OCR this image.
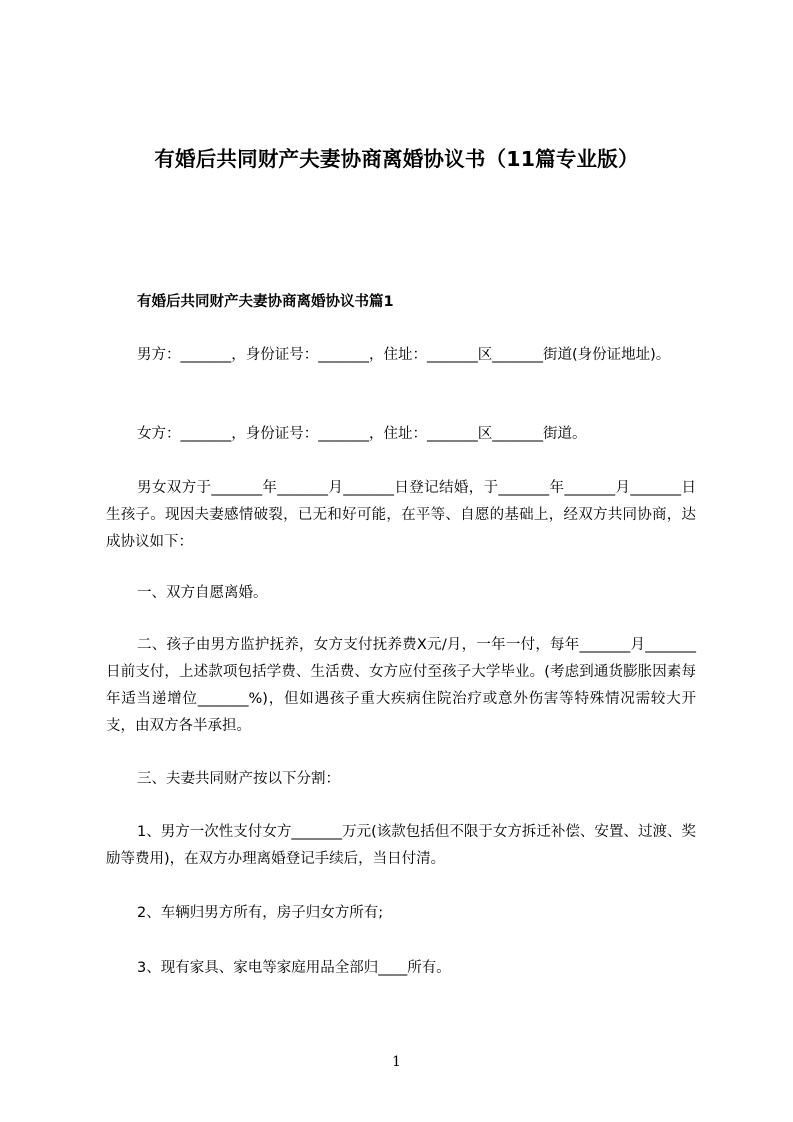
有婚后共同财产夫妻协商离婚协议书（11篇专业版）
有婚后共同财产夫妻协商离婚协议书篇1
男方：_______，身份证号：_______，住址：_______区_______街道(身份证地址)。
女方：_______，身份证号：_______，住址：_______区_______街道。
男女双方于_______年_______月_______日登记结婚，于_______年_______月_______日生孩子。现因夫妻感情破裂，已无和好可能，在平等、自愿的基础上，经双方共同协商，达成协议如下：
一、双方自愿离婚。
二、孩子由男方监护抚养，女方支付抚养费X元/月，一年一付，每年_______月_______日前支付，上述款项包括学费、生活费、女方应付至孩子大学毕业。(考虑到通货膨胀因素每年适当递增位_______%)，但如遇孩子重大疾病住院治疗或意外伤害等特殊情况需较大开支，由双方各半承担。
三、夫妻共同财产按以下分割：
1、男方一次性支付女方_______万元(该款包括但不限于女方拆迁补偿、安置、过渡、奖励等费用)，在双方办理离婚登记手续后，当日付清。
2、车辆归男方所有，房子归女方所有;
3、现有家具、家电等家庭用品全部归____所有。
1
